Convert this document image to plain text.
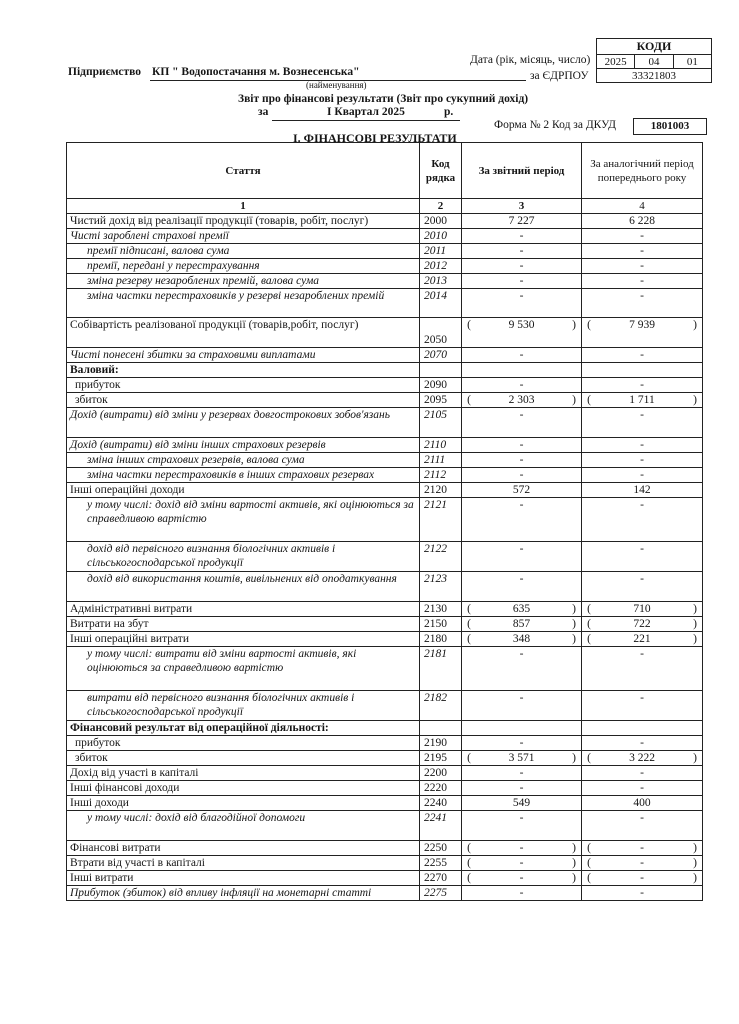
КОДИ
2025	04	01
33321803
Дата (рік, місяць, число)
Підприємство КП " Водопостачання м. Вознесенська"	за ЄДРПОУ
(найменування)
Звіт про фінансові результати (Звіт про сукупний дохід)
за	I Квартал 2025	р.
Форма № 2 Код за ДКУД	1801003
I. ФІНАНСОВІ РЕЗУЛЬТАТИ
Стаття	Код рядка	За звітний період	За аналогічний період попереднього року
1	2	3	4
Чистий дохід від реалізації продукції (товарів, робіт, послуг)	2000	7 227	6 228

Чисті зароблені страхові премії	2010	-	-

премії підписані, валова сума	2011	-	-

премії, передані у перестрахування	2012	-	-

зміна резерву незароблених премій, валова сума	2013	-	-

зміна частки перестраховиків у резерві незароблених премій	2014	-	-

Собівартість реалізованої продукції (товарів,робіт, послуг)	2050	( 9 530 )	( 7 939 )

Чисті понесені збитки за страховими виплатами	2070	-	-

Валовий:		

прибуток	2090	-	-

збиток	2095	( 2 303 )	( 1 711 )

Дохід (витрати) від зміни у резервах довгострокових зобов'язань	2105	-	-

Дохід (витрати) від зміни інших страхових резервів	2110	-	-

зміна інших страхових резервів, валова сума	2111	-	-

зміна частки перестраховиків в інших страхових резервах	2112	-	-

Інші операційні доходи	2120	572	142

у тому числі: дохід від зміни вартості активів, які оцінюються за справедливою вартістю	2121	-	-

дохід від первісного визнання біологічних активів і сільськогосподарської продукції	2122	-	-

дохід від використання коштів, вивільнених від оподаткування	2123	-	-

Адміністративні витрати	2130	( 635 )	( 710 )

Витрати на збут	2150	( 857 )	( 722 )

Інші операційні витрати	2180	( 348 )	( 221 )

у тому числі: витрати від зміни вартості активів, які оцінюються за справедливою вартістю	2181	-	-

витрати від первісного визнання біологічних активів і сільськогосподарської продукції	2182	-	-

Фінансовий результат від операційної діяльності:		

прибуток	2190	-	-

збиток	2195	( 3 571 )	( 3 222 )

Дохід від участі в капіталі	2200	-	-

Інші фінансові доходи	2220	-	-

Інші доходи	2240	549	400

у тому числі: дохід від благодійної допомоги	2241	-	-

Фінансові витрати	2250	( - )	( - )

Втрати від участі в капіталі	2255	( - )	( - )

Інші витрати	2270	( - )	( - )

Прибуток (збиток) від впливу інфляції на монетарні статті	2275	-	-
